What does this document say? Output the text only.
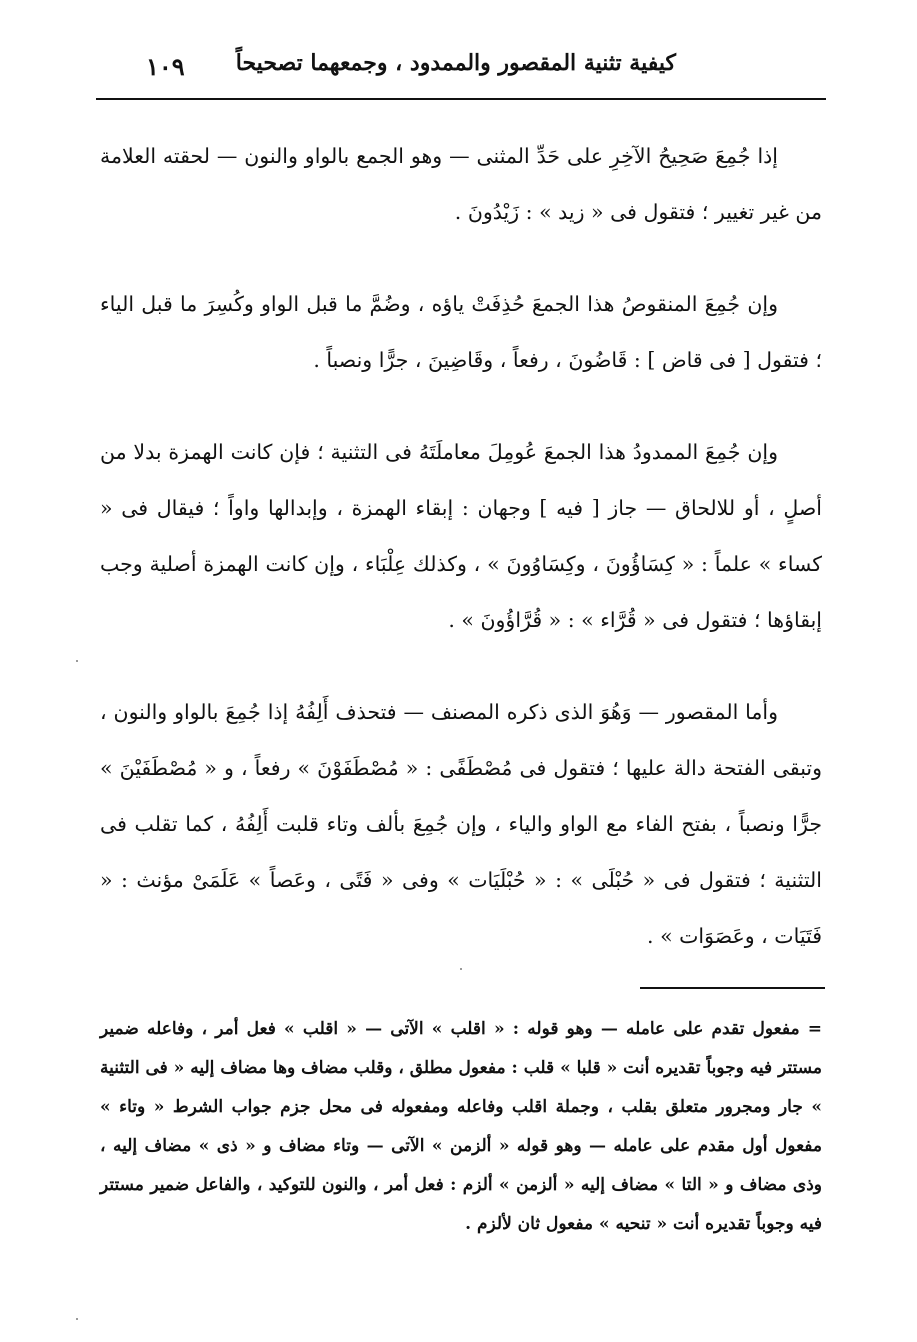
كيفية تثنية المقصور والممدود ، وجمعهما تصحيحاً
١٠٩

إذا جُمِعَ صَحِيحُ الآخِرِ على حَدِّ المثنى — وهو الجمع بالواو والنون — لحقته العلامة من غير تغيير ؛ فتقول فى « زيد » : زَيْدُونَ .

وإن جُمِعَ المنقوصُ هذا الجمعَ حُذِفَتْ ياؤه ، وضُمَّ ما قبل الواو وكُسِرَ ما قبل الياء ؛ فتقول [ فى قاض ] : قَاضُونَ ، رفعاً ، وقَاضِينَ ، جرًّا ونصباً .

وإن جُمِعَ الممدودُ هذا الجمعَ عُومِلَ معاملَتَهُ فى التثنية ؛ فإن كانت الهمزة بدلا من أصلٍ ، أو للالحاق — جاز [ فيه ] وجهان : إبقاء الهمزة ، وإبدالها واواً ؛ فيقال فى « كساء » علماً : « كِسَاؤُونَ ، وكِسَاوُونَ » ، وكذلك عِلْبَاء ، وإن كانت الهمزة أصلية وجب إبقاؤها ؛ فتقول فى « قُرَّاء » : « قُرَّاؤُونَ » .

وأما المقصور — وَهُوَ الذى ذكره المصنف — فتحذف أَلِفُهُ إذا جُمِعَ بالواو والنون ، وتبقى الفتحة دالة عليها ؛ فتقول فى مُصْطَفًى : « مُصْطَفَوْنَ » رفعاً ، و « مُصْطَفَيْنَ » جرًّا ونصباً ، بفتح الفاء مع الواو والياء ، وإن جُمِعَ بألف وتاء قلبت أَلِفُهُ ، كما تقلب فى التثنية ؛ فتقول فى « حُبْلَى » : « حُبْلَيَات » وفى « فَتًى ، وعَصاً » عَلَمَىْ مؤنث : « فَتَيَات ، وعَصَوَات » .

= مفعول تقدم على عامله — وهو قوله : « اقلب » الآتى — « اقلب » فعل أمر ، وفاعله ضمير مستتر فيه وجوباً تقديره أنت « قلبا » قلب : مفعول مطلق ، وقلب مضاف وها مضاف إليه « فى التثنية » جار ومجرور متعلق بقلب ، وجملة اقلب وفاعله ومفعوله فى محل جزم جواب الشرط « وتاء » مفعول أول مقدم على عامله — وهو قوله « ألزمن » الآتى — وتاء مضاف و « ذى » مضاف إليه ، وذى مضاف و « التا » مضاف إليه « ألزمن » ألزم : فعل أمر ، والنون للتوكيد ، والفاعل ضمير مستتر فيه وجوباً تقديره أنت « تنحيه » مفعول ثان لألزم .
